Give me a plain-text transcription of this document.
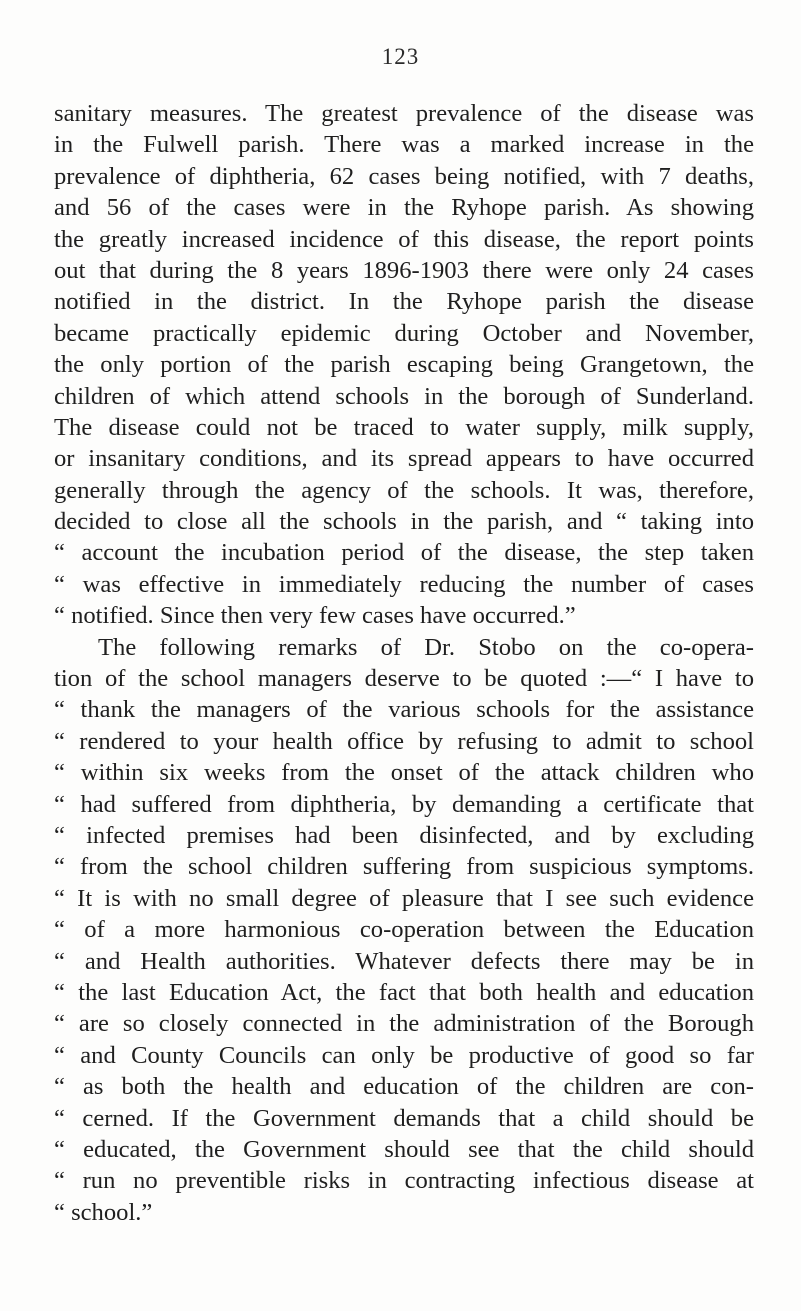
123
sanitary measures. The greatest prevalence of the disease was
in the Fulwell parish. There was a marked increase in the
prevalence of diphtheria, 62 cases being notified, with 7 deaths,
and 56 of the cases were in the Ryhope parish. As showing
the greatly increased incidence of this disease, the report points
out that during the 8 years 1896-1903 there were only 24 cases
notified in the district. In the Ryhope parish the disease
became practically epidemic during October and November,
the only portion of the parish escaping being Grangetown, the
children of which attend schools in the borough of Sunderland.
The disease could not be traced to water supply, milk supply,
or insanitary conditions, and its spread appears to have occurred
generally through the agency of the schools. It was, therefore,
decided to close all the schools in the parish, and “ taking into
“ account the incubation period of the disease, the step taken
“ was effective in immediately reducing the number of cases
“ notified. Since then very few cases have occurred.”
The following remarks of Dr. Stobo on the co-opera-
tion of the school managers deserve to be quoted :—“ I have to
“ thank the managers of the various schools for the assistance
“ rendered to your health office by refusing to admit to school
“ within six weeks from the onset of the attack children who
“ had suffered from diphtheria, by demanding a certificate that
“ infected premises had been disinfected, and by excluding
“ from the school children suffering from suspicious symptoms.
“ It is with no small degree of pleasure that I see such evidence
“ of a more harmonious co-operation between the Education
“ and Health authorities. Whatever defects there may be in
“ the last Education Act, the fact that both health and education
“ are so closely connected in the administration of the Borough
“ and County Councils can only be productive of good so far
“ as both the health and education of the children are con-
“ cerned. If the Government demands that a child should be
“ educated, the Government should see that the child should
“ run no preventible risks in contracting infectious disease at
“ school.”
